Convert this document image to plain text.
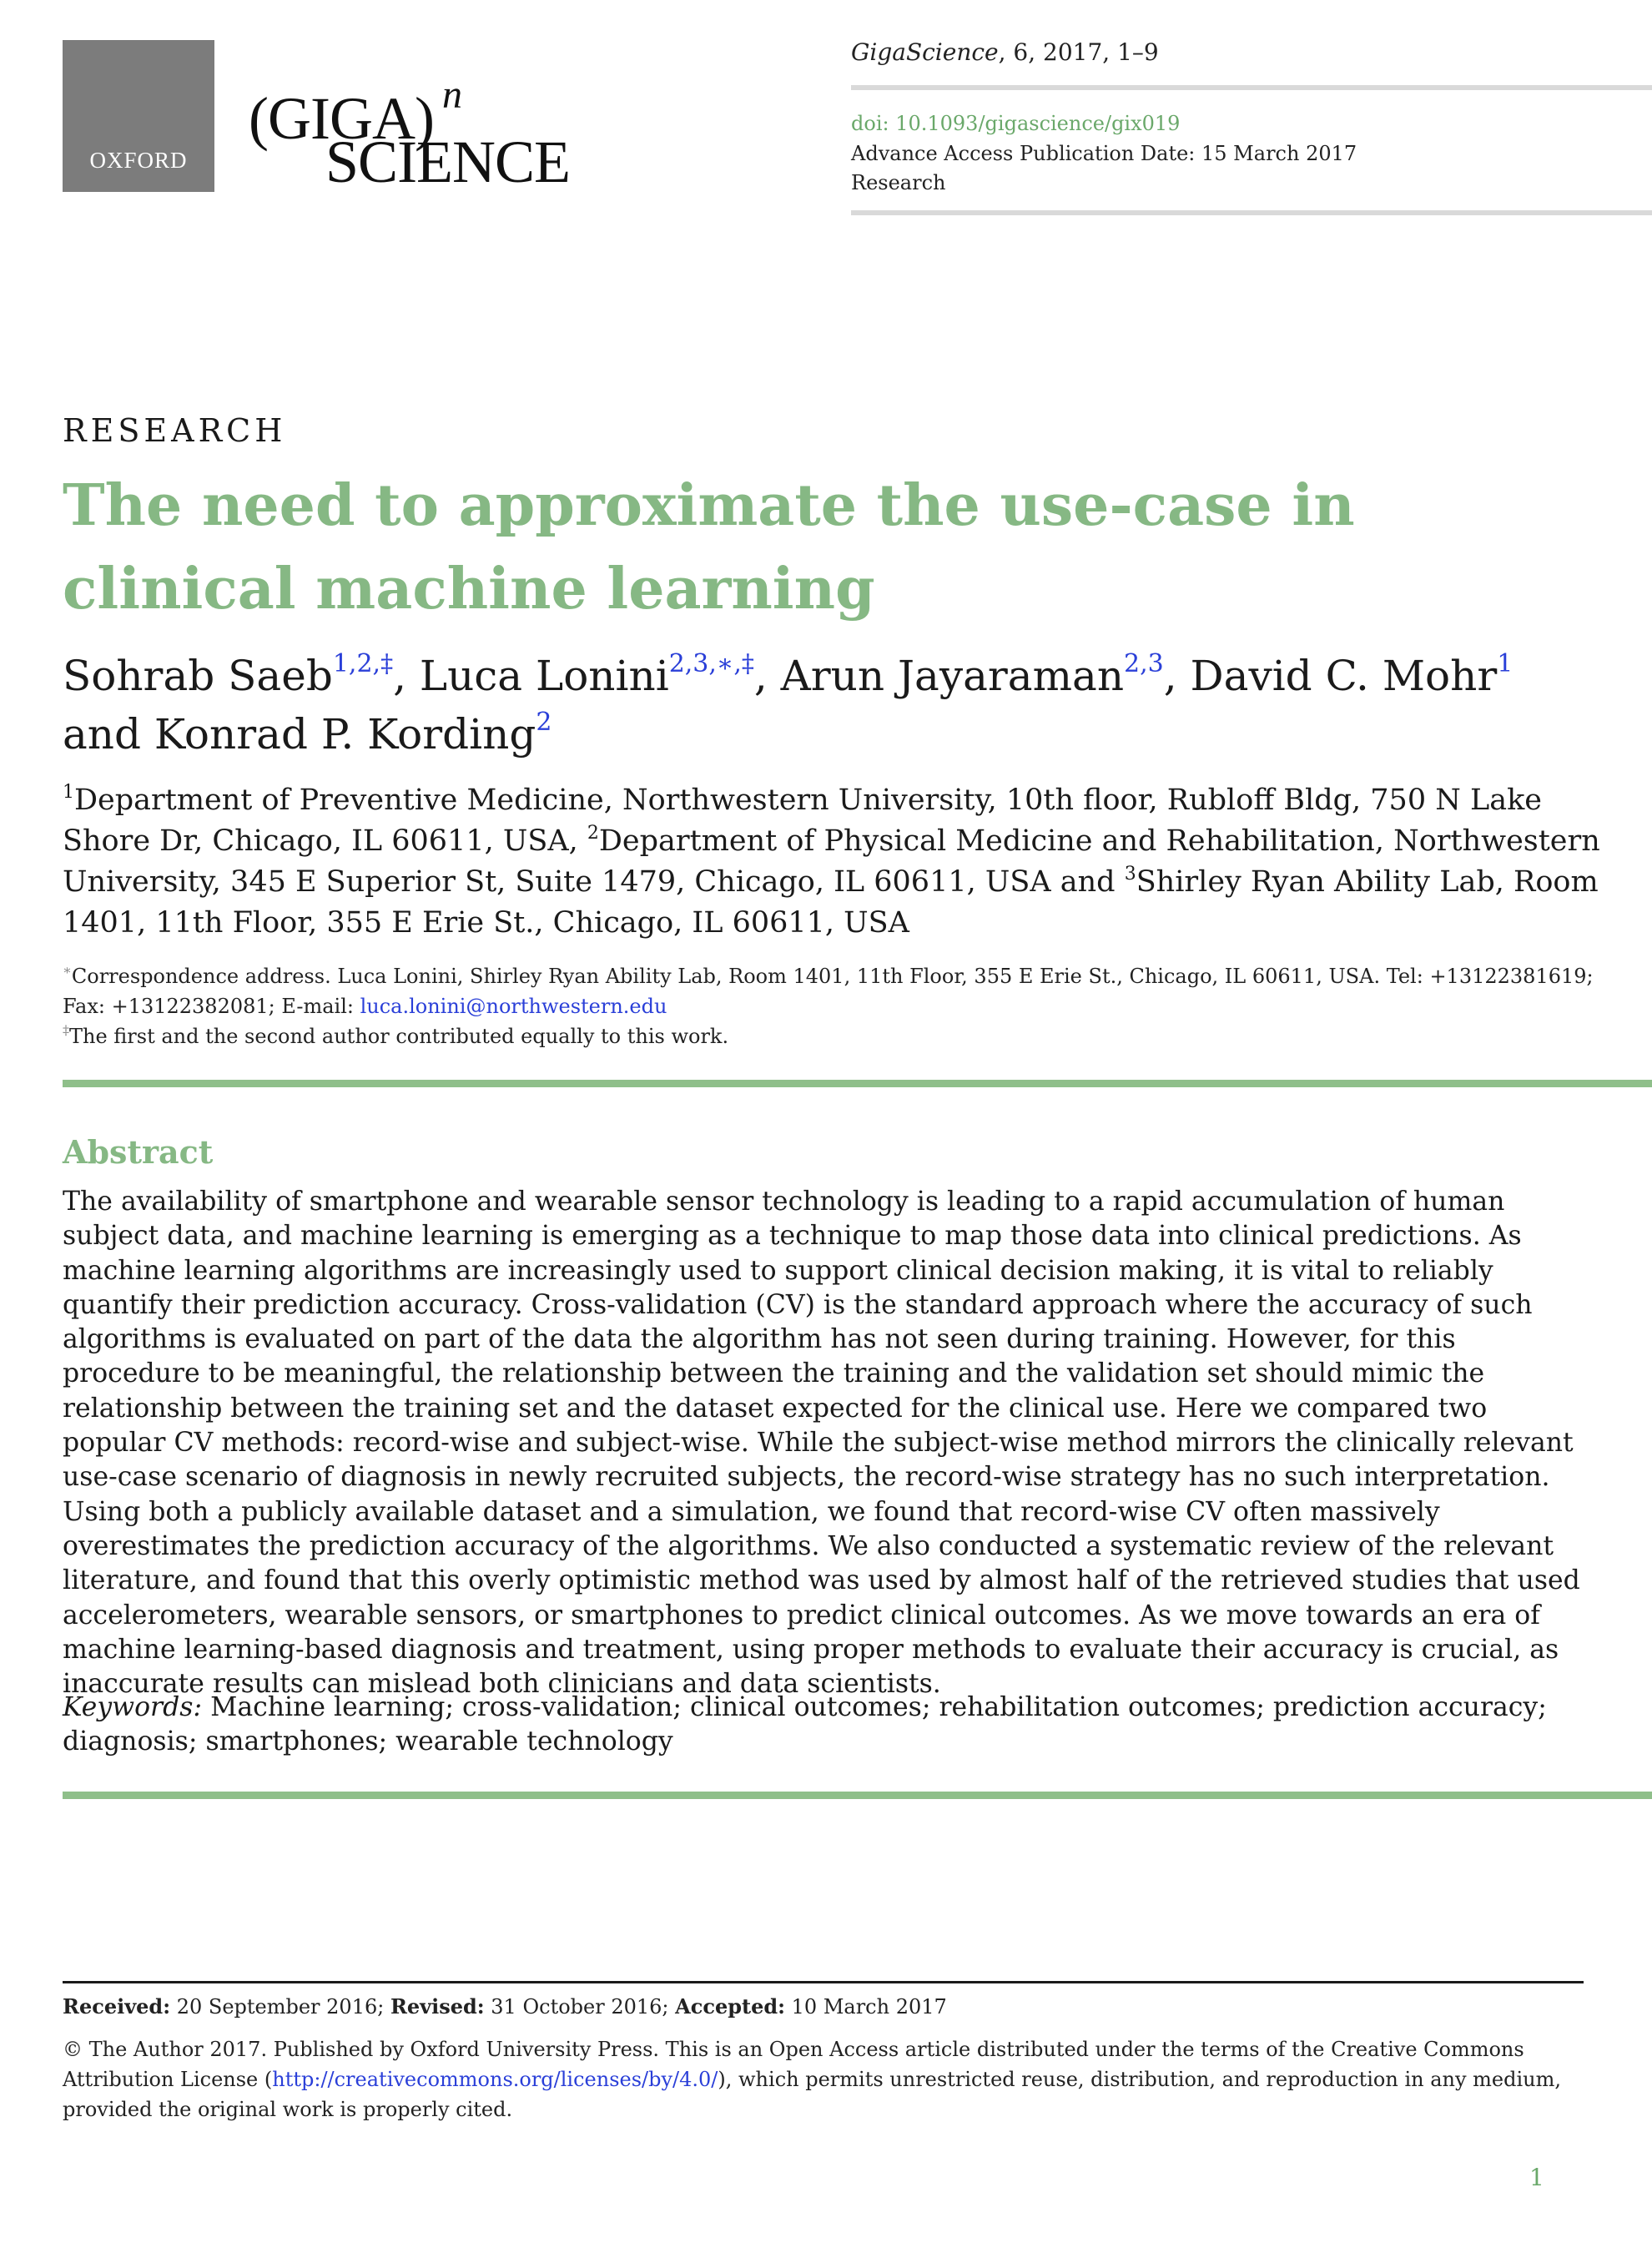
OXFORD
(GIGA) n
SCIENCE
GigaScience, 6, 2017, 1–9
doi: 10.1093/gigascience/gix019
Advance Access Publication Date: 15 March 2017
Research
RESEARCH
The need to approximate the use-case in clinical machine learning
Sohrab Saeb$^{1,2,\ddagger}$, Luca Lonini$^{2,3,∗,\ddagger}$, Arun Jayaraman$^{2,3}$, David C. Mohr$^1$
and Konrad P. Kording$^2$
$^1$Department of Preventive Medicine, Northwestern University, 10th floor, Rubloff Bldg, 750 N Lake Shore Dr, Chicago, IL 60611, USA, $^2$Department of Physical Medicine and Rehabilitation, Northwestern University, 345 E Superior St, Suite 1479, Chicago, IL 60611, USA and $^3$Shirley Ryan Ability Lab, Room 1401, 11th Floor, 355 E Erie St., Chicago, IL 60611, USA
∗Correspondence address. Luca Lonini, Shirley Ryan Ability Lab, Room 1401, 11th Floor, 355 E Erie St., Chicago, IL 60611, USA. Tel: +13122381619; Fax: +13122382081; E-mail: luca.lonini@northwestern.edu
‡The first and the second author contributed equally to this work.
Abstract
The availability of smartphone and wearable sensor technology is leading to a rapid accumulation of human subject data, and machine learning is emerging as a technique to map those data into clinical predictions. As machine learning algorithms are increasingly used to support clinical decision making, it is vital to reliably quantify their prediction accuracy. Cross-validation (CV) is the standard approach where the accuracy of such algorithms is evaluated on part of the data the algorithm has not seen during training. However, for this procedure to be meaningful, the relationship between the training and the validation set should mimic the relationship between the training set and the dataset expected for the clinical use. Here we compared two popular CV methods: record-wise and subject-wise. While the subject-wise method mirrors the clinically relevant use-case scenario of diagnosis in newly recruited subjects, the record-wise strategy has no such interpretation. Using both a publicly available dataset and a simulation, we found that record-wise CV often massively overestimates the prediction accuracy of the algorithms. We also conducted a systematic review of the relevant literature, and found that this overly optimistic method was used by almost half of the retrieved studies that used accelerometers, wearable sensors, or smartphones to predict clinical outcomes. As we move towards an era of machine learning-based diagnosis and treatment, using proper methods to evaluate their accuracy is crucial, as inaccurate results can mislead both clinicians and data scientists.
Keywords: Machine learning; cross-validation; clinical outcomes; rehabilitation outcomes; prediction accuracy; diagnosis; smartphones; wearable technology
Received: 20 September 2016; Revised: 31 October 2016; Accepted: 10 March 2017
© The Author 2017. Published by Oxford University Press. This is an Open Access article distributed under the terms of the Creative Commons Attribution License (http://creativecommons.org/licenses/by/4.0/), which permits unrestricted reuse, distribution, and reproduction in any medium, provided the original work is properly cited.
1
